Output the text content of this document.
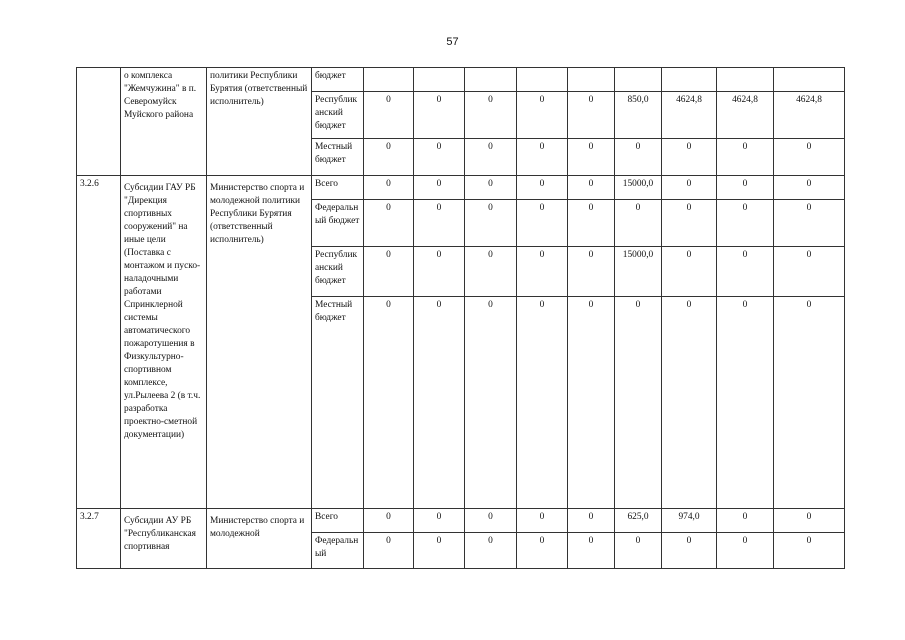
57
	о комплекса "Жемчужина" в п. Северомуйск Муйского района	политики Республики Бурятия (ответственный исполнитель)	бюджет									
			Республиканский бюджет	0	0	0	0	0	850,0	4624,8	4624,8	4624,8
			Местный бюджет	0	0	0	0	0	0	0	0	0
3.2.6	Субсидии ГАУ РБ "Дирекция спортивных сооружений" на иные цели (Поставка с монтажом и пуско-наладочными работами Спринклерной системы автоматического пожаротушения в Физкультурно-спортивном комплексе, ул.Рылеева 2 (в т.ч. разработка проектно-сметной документации)	Министерство спорта и молодежной политики Республики Бурятия (ответственный исполнитель)	Всего	0	0	0	0	0	15000,0	0	0	0
			Федеральный бюджет	0	0	0	0	0	0	0	0	0
			Республиканский бюджет	0	0	0	0	0	15000,0	0	0	0
			Местный бюджет	0	0	0	0	0	0	0	0	0
3.2.7	Субсидии АУ РБ "Республиканская спортивная	Министерство спорта и молодежной	Всего	0	0	0	0	0	625,0	974,0	0	0
			Федеральный	0	0	0	0	0	0	0	0	0
